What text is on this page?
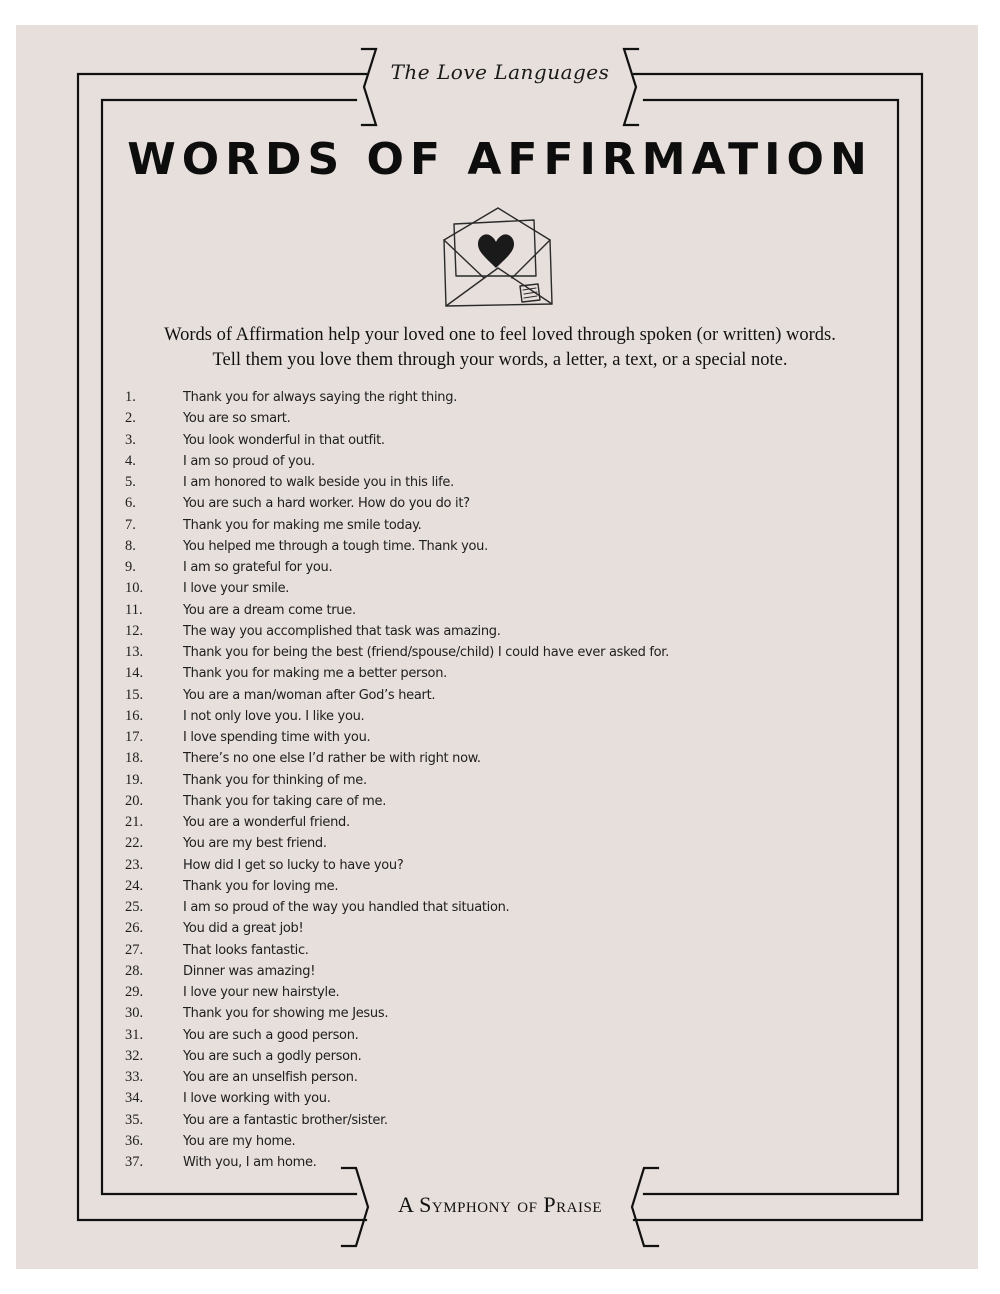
The Love Languages
WORDS OF AFFIRMATION
Words of Affirmation help your loved one to feel loved through spoken (or written) words.
Tell them you love them through your words, a letter, a text, or a special note.
1.	Thank you for always saying the right thing.
2.	You are so smart.
3.	You look wonderful in that outfit.
4.	I am so proud of you.
5.	I am honored to walk beside you in this life.
6.	You are such a hard worker. How do you do it?
7.	Thank you for making me smile today.
8.	You helped me through a tough time. Thank you.
9.	I am so grateful for you.
10.	I love your smile.
11.	You are a dream come true.
12.	The way you accomplished that task was amazing.
13.	Thank you for being the best (friend/spouse/child) I could have ever asked for.
14.	Thank you for making me a better person.
15.	You are a man/woman after God’s heart.
16.	I not only love you. I like you.
17.	I love spending time with you.
18.	There’s no one else I’d rather be with right now.
19.	Thank you for thinking of me.
20.	Thank you for taking care of me.
21.	You are a wonderful friend.
22.	You are my best friend.
23.	How did I get so lucky to have you?
24.	Thank you for loving me.
25.	I am so proud of the way you handled that situation.
26.	You did a great job!
27.	That looks fantastic.
28.	Dinner was amazing!
29.	I love your new hairstyle.
30.	Thank you for showing me Jesus.
31.	You are such a good person.
32.	You are such a godly person.
33.	You are an unselfish person.
34.	I love working with you.
35.	You are a fantastic brother/sister.
36.	You are my home.
37.	With you, I am home.
A Symphony of Praise
